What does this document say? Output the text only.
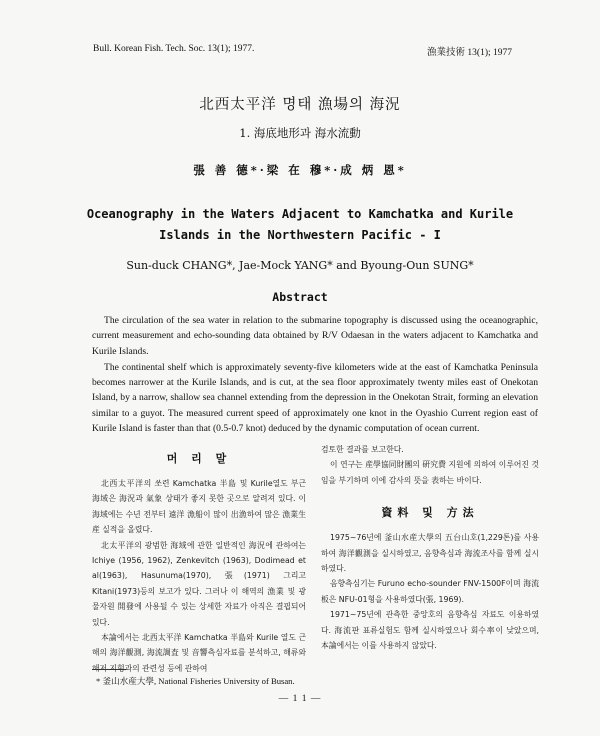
Bull. Korean Fish. Tech. Soc. 13(1); 1977.	漁業技術 13(1); 1977
北西太平洋 명태 漁場의 海況
1. 海底地形과 海水流動
張 善 德*·梁 在 穆*·成 炳 恩*
Oceanography in the Waters Adjacent to Kamchatka and Kurile
Islands in the Northwestern Pacific - I
Sun-duck CHANG*, Jae-Mock YANG* and Byoung-Oun SUNG*
Abstract

The circulation of the sea water in relation to the submarine topography is discussed using the oceanographic, current measurement and echo-sounding data obtained by R/V Odaesan in the waters adjacent to Kamchatka and Kurile Islands.

The continental shelf which is approximately seventy-five kilometers wide at the east of Kamchatka Peninsula becomes narrower at the Kurile Islands, and is cut, at the sea floor approximately twenty miles east of Onekotan Island, by a narrow, shallow sea channel extending from the depression in the Onekotan Strait, forming an elevation similar to a guyot. The measured current speed of approximately one knot in the Oyashio Current region east of Kurile Island is faster than that (0.5-0.7 knot) deduced by the dynamic computation of ocean current.

머 리 말

北西太平洋의 쏘련 Kamchatka 半島 및 Kurile열도 부근 海域은 海況과 氣象 상태가 좋지 못한 곳으로 알려져 있다. 이 海域에는 수년 전부터 遠洋 漁船이 많이 出漁하여 많은 漁業生産 실적을 올렸다.

北太平洋의 광범한 海域에 관한 일반적인 海況에 관하여는 Ichiye (1956, 1962), Zenkevitch (1963), Dodimead et al(1963), Hasunuma(1970), 張(1971) 그리고 Kitani(1973)등의 보고가 있다. 그러나 이 해역의 漁業 및 광물자원 開發에 사용될 수 있는 상세한 자료가 아직은 결핍되어 있다.

本論에서는 北西太平洋 Kamchatka 半島와 Kurile 열도 근해의 海洋觀測, 海流調査 및 音響측심자료를 분석하고, 해류와 해저 지형과의 관련성 등에 관하여

검토한 결과를 보고한다.

이 연구는 産學協同財團의 硏究費 지원에 의하여 이루어진 것임을 부기하며 이에 감사의 뜻을 表하는 바이다.

資料 및 方法

1975~76년에 釜山水産大學의 五台山호(1,229톤)를 사용하여 海洋觀測을 실시하였고, 음향측심과 海流조사를 함께 실시하였다.

음향측심기는 Furuno echo-sounder FNV-1500F이며 海流板은 NFU-01형을 사용하였다(張, 1969).

1971~75년에 관측한 중앙호의 음향측심 자료도 이용하였다. 海流판 표류실험도 함께 실시하였으나 회수率이 낮았으며, 本論에서는 이를 사용하지 않았다.

* 釜山水産大學, National Fisheries University of Busan.
— 1 1 —
